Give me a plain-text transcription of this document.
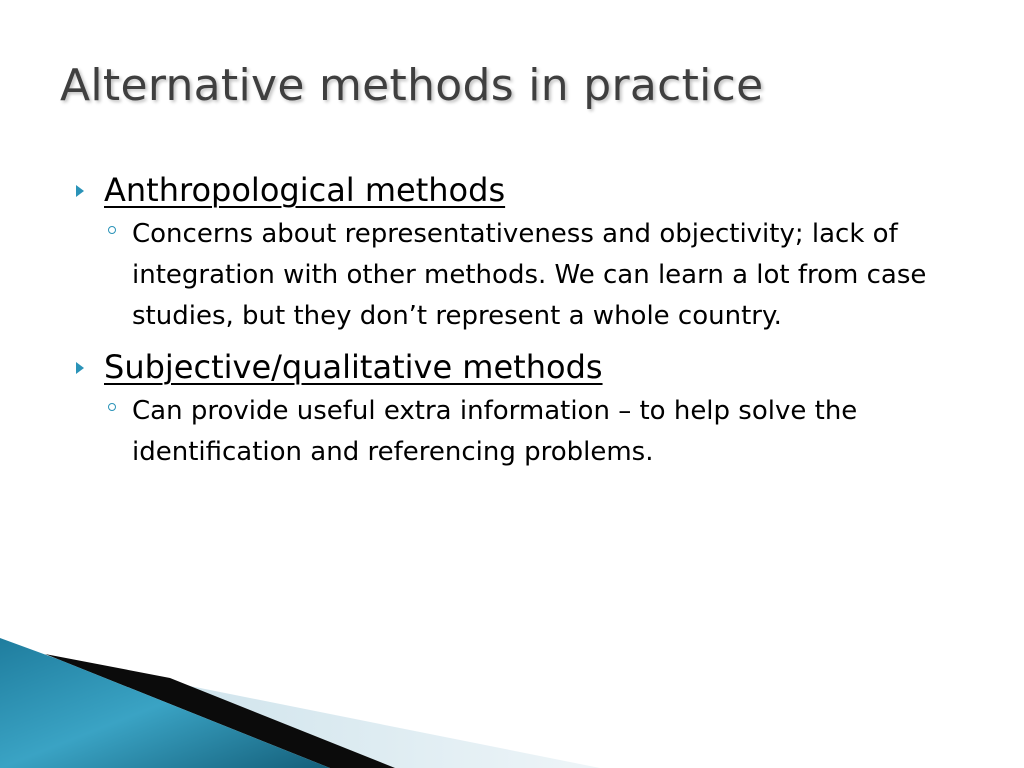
Alternative methods in practice
Anthropological methods
Concerns about representativeness and objectivity; lack of integration with other methods. We can learn a lot from case studies, but they don’t represent a whole country.
Subjective/qualitative methods
Can provide useful extra information – to help solve the identification and referencing problems.
